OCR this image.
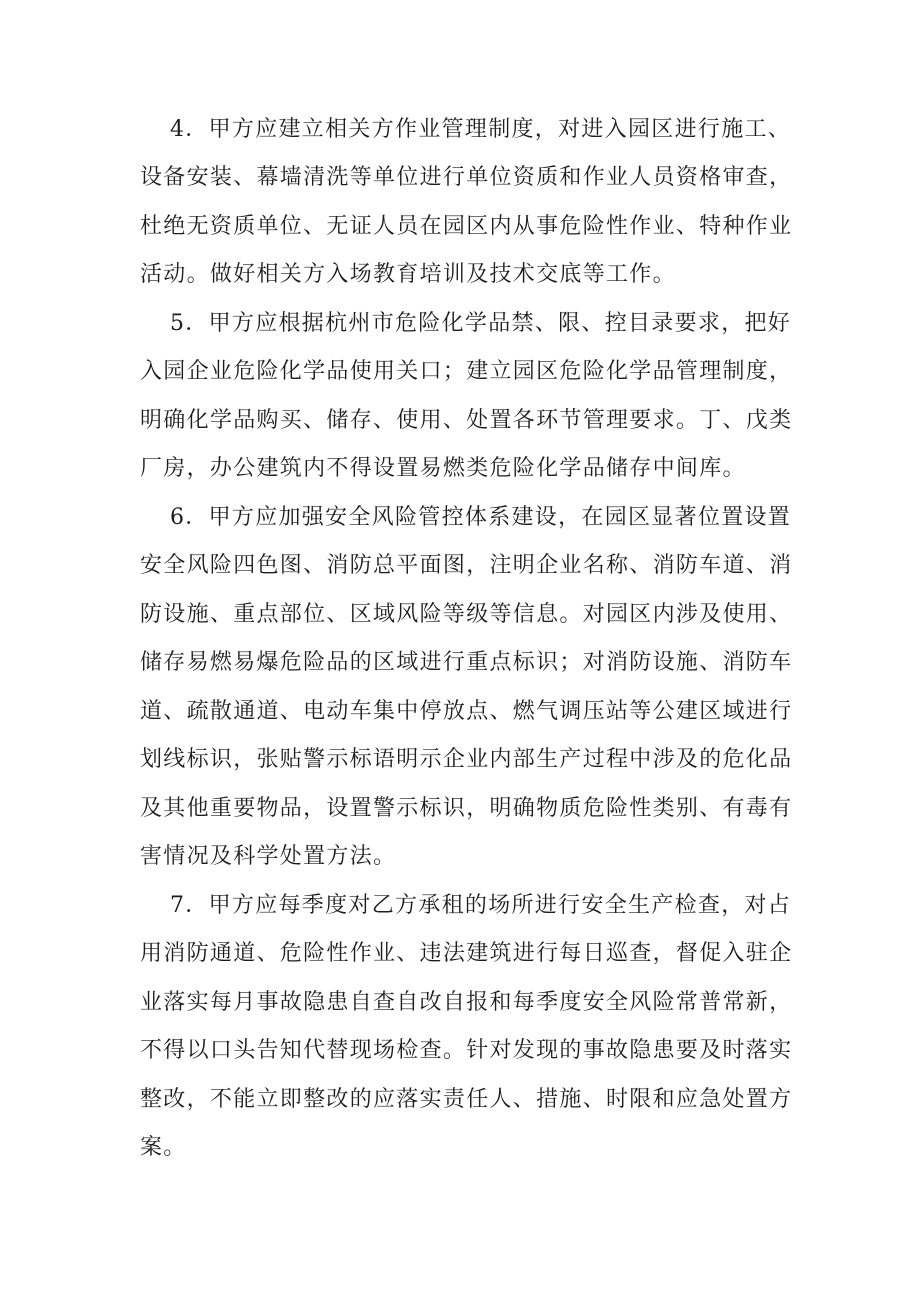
4．甲方应建立相关方作业管理制度，对进入园区进行施工、

设备安装、幕墙清洗等单位进行单位资质和作业人员资格审查，

杜绝无资质单位、无证人员在园区内从事危险性作业、特种作业

活动。做好相关方入场教育培训及技术交底等工作。

5．甲方应根据杭州市危险化学品禁、限、控目录要求，把好

入园企业危险化学品使用关口；建立园区危险化学品管理制度，

明确化学品购买、储存、使用、处置各环节管理要求。丁、戊类

厂房，办公建筑内不得设置易燃类危险化学品储存中间库。

6．甲方应加强安全风险管控体系建设，在园区显著位置设置

安全风险四色图、消防总平面图，注明企业名称、消防车道、消

防设施、重点部位、区域风险等级等信息。对园区内涉及使用、

储存易燃易爆危险品的区域进行重点标识；对消防设施、消防车

道、疏散通道、电动车集中停放点、燃气调压站等公建区域进行

划线标识，张贴警示标语明示企业内部生产过程中涉及的危化品

及其他重要物品，设置警示标识，明确物质危险性类别、有毒有

害情况及科学处置方法。

7．甲方应每季度对乙方承租的场所进行安全生产检查，对占

用消防通道、危险性作业、违法建筑进行每日巡查，督促入驻企

业落实每月事故隐患自查自改自报和每季度安全风险常普常新，

不得以口头告知代替现场检查。针对发现的事故隐患要及时落实

整改，不能立即整改的应落实责任人、措施、时限和应急处置方

案。
